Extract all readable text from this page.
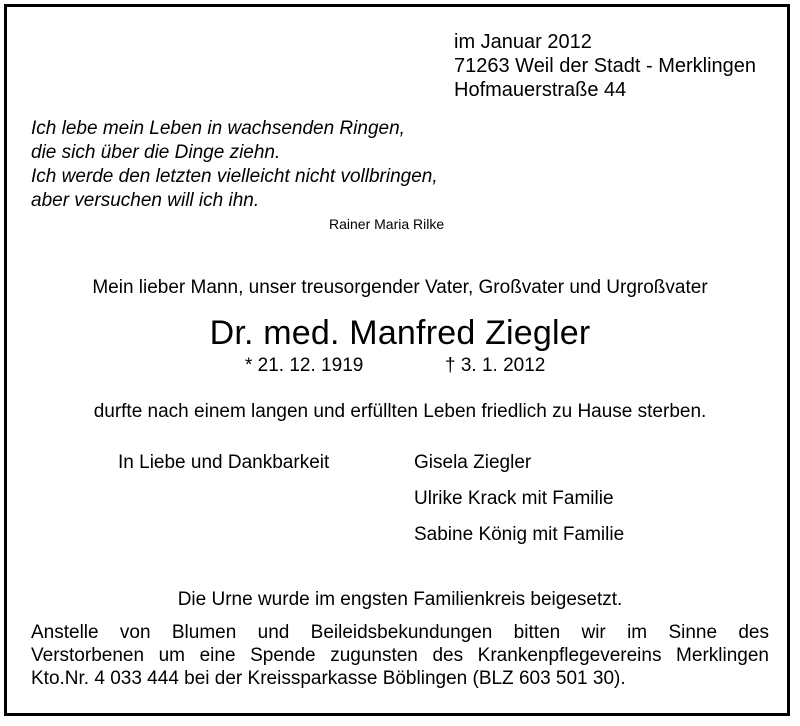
im Januar 2012
71263 Weil der Stadt - Merklingen
Hofmauerstraße 44
Ich lebe mein Leben in wachsenden Ringen,
die sich über die Dinge ziehn.
Ich werde den letzten vielleicht nicht vollbringen,
aber versuchen will ich ihn.
Rainer Maria Rilke
Mein lieber Mann, unser treusorgender Vater, Großvater und Urgroßvater
Dr. med. Manfred Ziegler
* 21. 12. 1919	† 3. 1. 2012
durfte nach einem langen und erfüllten Leben friedlich zu Hause sterben.
In Liebe und Dankbarkeit	Gisela Ziegler
Ulrike Krack mit Familie
Sabine König mit Familie
Die Urne wurde im engsten Familienkreis beigesetzt.
Anstelle von Blumen und Beileidsbekundungen bitten wir im Sinne des
Verstorbenen um eine Spende zugunsten des Krankenpflegevereins Merklingen
Kto.Nr. 4 033 444 bei der Kreissparkasse Böblingen (BLZ 603 501 30).
